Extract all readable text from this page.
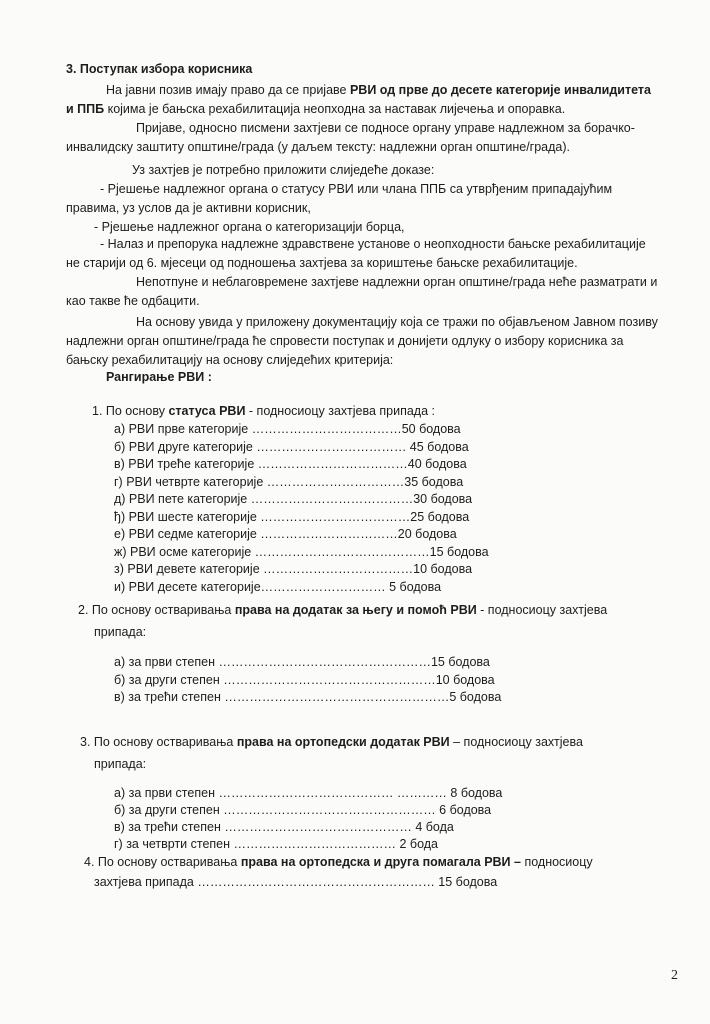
3. Поступак избора корисника
На јавни позив имају право да се пријаве РВИ од прве до десете категорије инвалидитета
и ППБ којима је бањска рехабилитација неопходна за наставак лијечења и опоравка.
Пријаве, односно писмени захтјеви се подносе органу управе надлежном за борачко-
инвалидску заштиту општине/града (у даљем тексту: надлежни орган општине/града).
Уз захтјев је потребно приложити слиједеће доказе:
- Рјешење надлежног органа о статусу РВИ или члана ППБ са утврђеним припадајућим
правима, уз услов да је активни корисник,
- Рјешење надлежног органа о категоризацији борца,
- Налаз и препорука надлежне здравствене установе о неопходности бањске рехабилитације
не старији од 6. мјесеци од подношења захтјева за кориштење бањске рехабилитације.
Непотпуне и неблаговремене захтјеве надлежни орган општине/града неће разматрати и
као такве ће одбацити.
На основу увида у приложену документацију која се тражи по објављеном Јавном позиву
надлежни орган општине/града ће спровести поступак и донијети одлуку о избору корисника за
бањску рехабилитацију на основу слиједећих критерија:
Рангирање РВИ :
1. По основу статуса РВИ - подносиоцу захтјева припада :
а) РВИ прве категорије ………………………………50 бодова
б) РВИ друге категорије ……………………………… 45 бодова
в) РВИ треће категорије ………………………………40 бодова
г) РВИ четврте категорије ……………………………35 бодова
д) РВИ пете категорије …………………………………30 бодова
ђ) РВИ шесте категорије ………………………………25 бодова
е) РВИ седме категорије ……………………………20 бодова
ж) РВИ осме категорије ……………………………………15 бодова
з) РВИ девете категорије ………………………………10 бодова
и) РВИ десете категорије………………………… 5 бодова
2. По основу остваривања права на додатак за његу и помоћ РВИ - подносиоцу захтјева
припада:
а) за први степен ……………………………………………15 бодова
б) за други степен ……………………………………………10 бодова
в) за трећи степен ………………………………………………5 бодова
3. По основу остваривања права на ортопедски додатак РВИ – подносиоцу захтјева
припада:
а) за први степен …………………………………… ………… 8 бодова
б) за други степен …………………………………………… 6 бодова
в) за трећи степен ……………………………………… 4 бода
г) за четврти степен ………………………………… 2 бода
4. По основу остваривања права на ортопедска и друга помагала РВИ – подносиоцу
захтјева припада ………………………………………………… 15 бодова
2
